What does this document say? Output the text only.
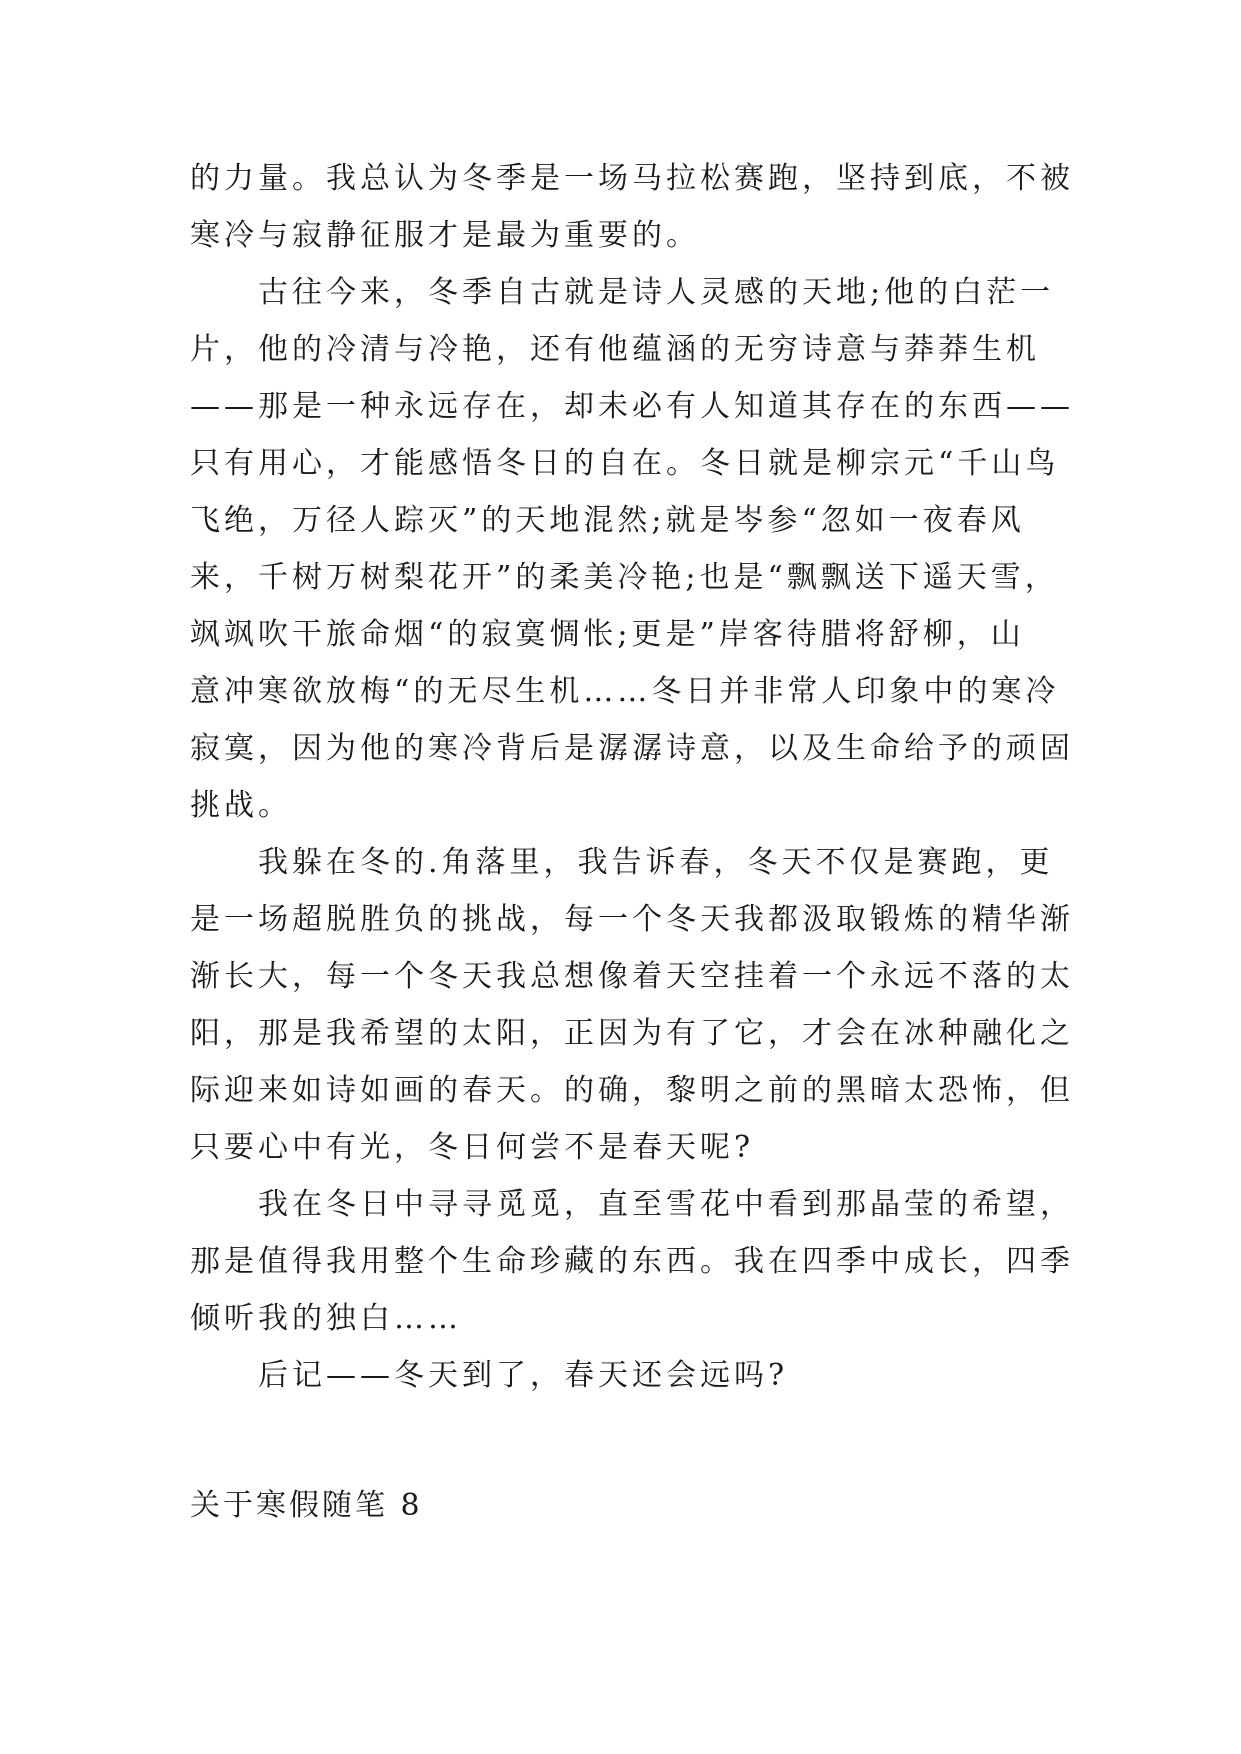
的力量。我总认为冬季是一场马拉松赛跑，坚持到底，不被
寒冷与寂静征服才是最为重要的。

古往今来，冬季自古就是诗人灵感的天地;他的白茫一
片，他的冷清与冷艳，还有他蕴涵的无穷诗意与莽莽生机
——那是一种永远存在，却未必有人知道其存在的东西——
只有用心，才能感悟冬日的自在。冬日就是柳宗元“千山鸟
飞绝，万径人踪灭”的天地混然;就是岑参“忽如一夜春风
来，千树万树梨花开”的柔美冷艳;也是“飘飘送下遥天雪，
飒飒吹干旅命烟“的寂寞惆怅;更是”岸客待腊将舒柳，山
意冲寒欲放梅“的无尽生机……冬日并非常人印象中的寒冷
寂寞，因为他的寒冷背后是潺潺诗意，以及生命给予的顽固
挑战。

我躲在冬的.角落里，我告诉春，冬天不仅是赛跑，更
是一场超脱胜负的挑战，每一个冬天我都汲取锻炼的精华渐
渐长大，每一个冬天我总想像着天空挂着一个永远不落的太
阳，那是我希望的太阳，正因为有了它，才会在冰种融化之
际迎来如诗如画的春天。的确，黎明之前的黑暗太恐怖，但
只要心中有光，冬日何尝不是春天呢?

我在冬日中寻寻觅觅，直至雪花中看到那晶莹的希望，
那是值得我用整个生命珍藏的东西。我在四季中成长，四季
倾听我的独白……

后记——冬天到了，春天还会远吗?

关于寒假随笔 8
